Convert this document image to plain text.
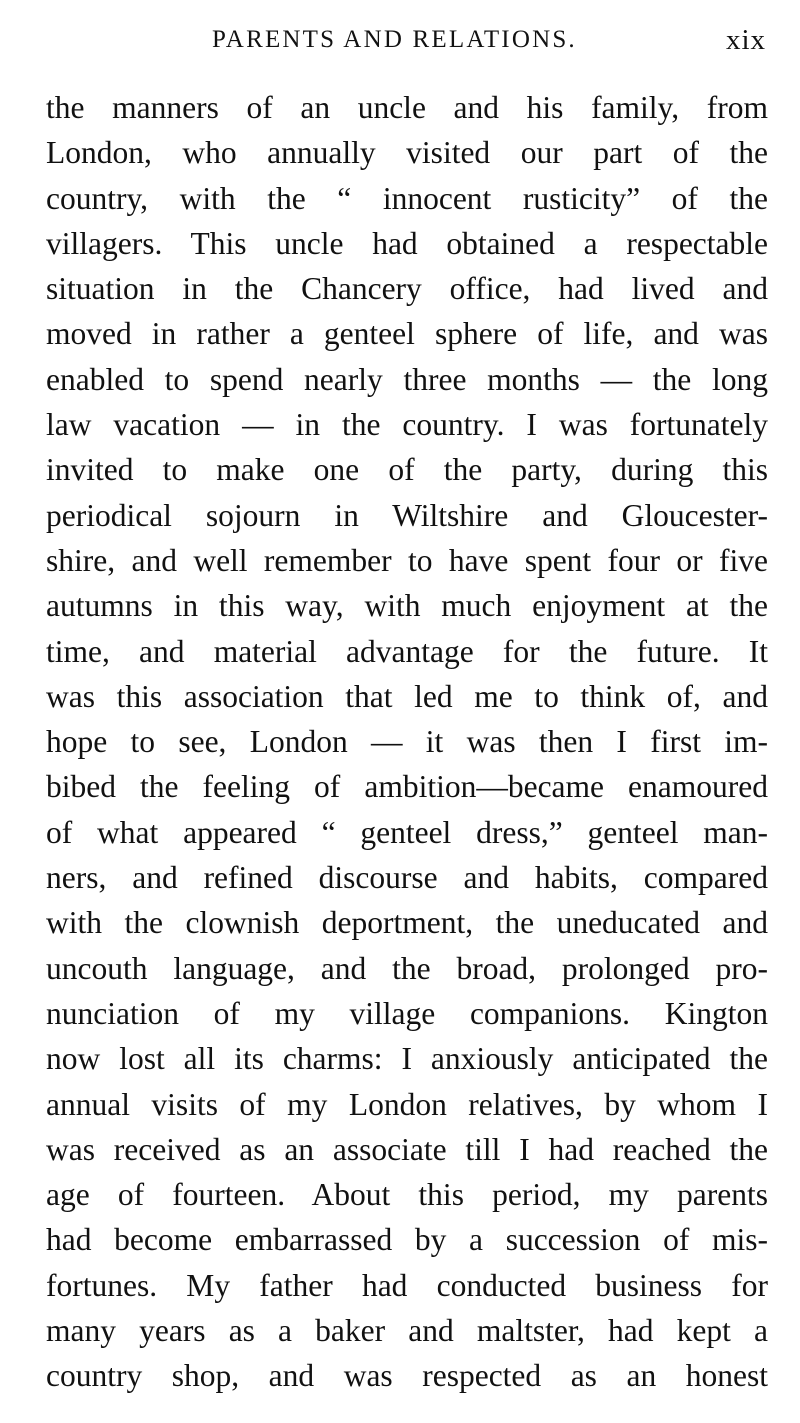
PARENTS AND RELATIONS.	xix
the manners of an uncle and his family, from
London, who annually visited our part of the
country, with the “ innocent rusticity” of the
villagers. This uncle had obtained a respectable
situation in the Chancery office, had lived and
moved in rather a genteel sphere of life, and was
enabled to spend nearly three months — the long
law vacation — in the country. I was fortunately
invited to make one of the party, during this
periodical sojourn in Wiltshire and Gloucester-
shire, and well remember to have spent four or five
autumns in this way, with much enjoyment at the
time, and material advantage for the future. It
was this association that led me to think of, and
hope to see, London — it was then I first im-
bibed the feeling of ambition—became enamoured
of what appeared “ genteel dress,” genteel man-
ners, and refined discourse and habits, compared
with the clownish deportment, the uneducated and
uncouth language, and the broad, prolonged pro-
nunciation of my village companions. Kington
now lost all its charms: I anxiously anticipated the
annual visits of my London relatives, by whom I
was received as an associate till I had reached the
age of fourteen. About this period, my parents
had become embarrassed by a succession of mis-
fortunes. My father had conducted business for
many years as a baker and maltster, had kept a
country shop, and was respected as an honest
